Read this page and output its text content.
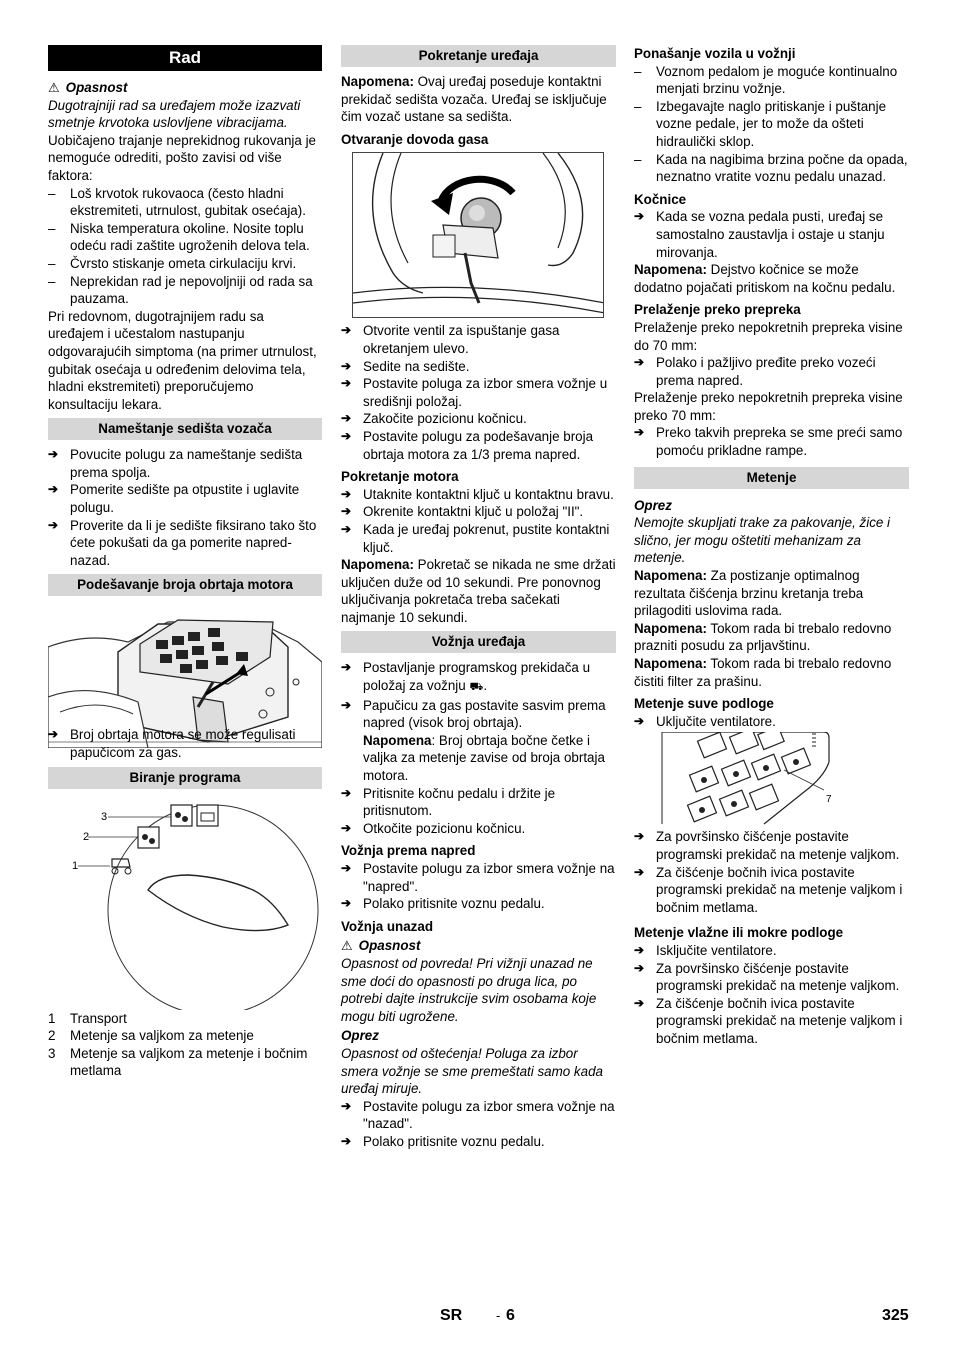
Rad
⚠ Opasnost

Dugotrajniji rad sa uređajem može izazvati smetnje krvotoka uslovljene vibracijama.

Uobičajeno trajanje neprekidnog rukovanja je nemoguće odrediti, pošto zavisi od više faktora:

– Loš krvotok rukovaoca (često hladni ekstremiteti, utrnulost, gubitak osećaja).
– Niska temperatura okoline. Nosite toplu odeću radi zaštite ugroženih delova tela.
– Čvrsto stiskanje ometa cirkulaciju krvi.
– Neprekidan rad je nepovoljniji od rada sa pauzama.

Pri redovnom, dugotrajnijem radu sa uređajem i učestalom nastupanju odgovarajućih simptoma (na primer utrnulost, gubitak osećaja u određenim delovima tela, hladni ekstremiteti) preporučujemo konsultaciju lekara.

Nameštanje sedišta vozača
➔ Povucite polugu za nameštanje sedišta prema spolja.
➔ Pomerite sedište pa otpustite i uglavite polugu.
➔ Proverite da li je sedište fiksirano tako što ćete pokušati da ga pomerite napred-nazad.
Podešavanje broja obrtaja motora
➔ Broj obrtaja motora se može regulisati papučicom za gas.
Biranje programa
3
2
1
1 Transport
2 Metenje sa valjkom za metenje
3 Metenje sa valjkom za metenje i bočnim metlama
Pokretanje uređaja

Napomena: Ovaj uređaj poseduje kontaktni prekidač sedišta vozača. Uređaj se isključuje čim vozač ustane sa sedišta.

Otvaranje dovoda gasa
➔ Otvorite ventil za ispuštanje gasa okretanjem ulevo.
➔ Sedite na sedište.
➔ Postavite poluga za izbor smera vožnje u središnji položaj.
➔ Zakočite pozicionu kočnicu.
➔ Postavite polugu za podešavanje broja obrtaja motora za 1/3 prema napred.
Pokretanje motora
➔ Utaknite kontaktni ključ u kontaktnu bravu.
➔ Okrenite kontaktni ključ u položaj "II".
➔ Kada je uređaj pokrenut, pustite kontaktni ključ.

Napomena: Pokretač se nikada ne sme držati uključen duže od 10 sekundi. Pre ponovnog uključivanja pokretača treba sačekati najmanje 10 sekundi.

Vožnja uređaja
➔ Postavljanje programskog prekidača u položaj za vožnju ⛟.
➔ Papučicu za gas postavite sasvim prema napred (visok broj obrtaja).
Napomena: Broj obrtaja bočne četke i valjka za metenje zavise od broja obrtaja motora.
➔ Pritisnite kočnu pedalu i držite je pritisnutom.
➔ Otkočite pozicionu kočnicu.
Vožnja prema napred
➔ Postavite polugu za izbor smera vožnje na "napred".
➔ Polako pritisnite voznu pedalu.
Vožnja unazad
⚠ Opasnost

Opasnost od povreda! Pri vižnji unazad ne sme doći do opasnosti po druga lica, po potrebi dajte instrukcije svim osobama koje mogu biti ugrožene.

Oprez

Opasnost od oštećenja! Poluga za izbor smera vožnje se sme premeštati samo kada uređaj miruje.

➔ Postavite polugu za izbor smera vožnje na "nazad".
➔ Polako pritisnite voznu pedalu.
Ponašanje vozila u vožnji
– Voznom pedalom je moguće kontinualno menjati brzinu vožnje.
– Izbegavajte naglo pritiskanje i puštanje vozne pedale, jer to može da ošteti hidraulički sklop.
– Kada na nagibima brzina počne da opada, neznatno vratite voznu pedalu unazad.
Kočnice
➔ Kada se vozna pedala pusti, uređaj se samostalno zaustavlja i ostaje u stanju mirovanja.

Napomena: Dejstvo kočnice se može dodatno pojačati pritiskom na kočnu pedalu.

Prelaženje preko prepreka

Prelaženje preko nepokretnih prepreka visine do 70 mm:

➔ Polako i pažljivo pređite preko vozeći prema napred.

Prelaženje preko nepokretnih prepreka visine preko 70 mm:

➔ Preko takvih prepreka se sme preći samo pomoću prikladne rampe.
Metenje
Oprez

Nemojte skupljati trake za pakovanje, žice i slično, jer mogu oštetiti mehanizam za metenje.

Napomena: Za postizanje optimalnog rezultata čišćenja brzinu kretanja treba prilagoditi uslovima rada.

Napomena: Tokom rada bi trebalo redovno prazniti posudu za prljavštinu.

Napomena: Tokom rada bi trebalo redovno čistiti filter za prašinu.

Metenje suve podloge
➔ Uključite ventilatore.
7
➔ Za površinsko čišćenje postavite programski prekidač na metenje valjkom.
➔ Za čišćenje bočnih ivica postavite programski prekidač na metenje valjkom i bočnim metlama.
Metenje vlažne ili mokre podloge
➔ Isključite ventilatore.
➔ Za površinsko čišćenje postavite programski prekidač na metenje valjkom.
➔ Za čišćenje bočnih ivica postavite programski prekidač na metenje valjkom i bočnim metlama.
SR	- 6	325
